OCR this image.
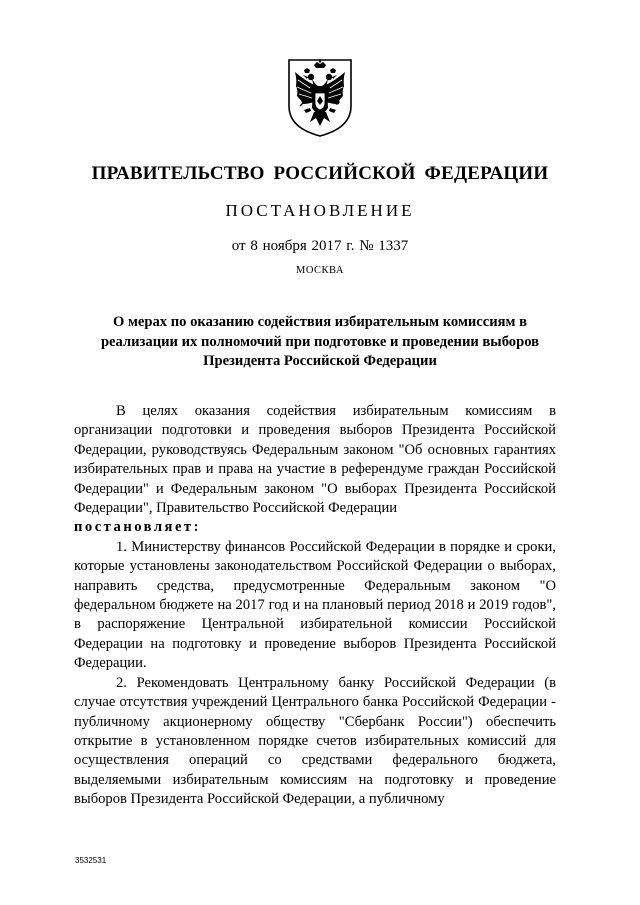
ПРАВИТЕЛЬСТВО РОССИЙСКОЙ ФЕДЕРАЦИИ
ПОСТАНОВЛЕНИЕ
от 8 ноября 2017 г. № 1337
МОСКВА
О мерах по оказанию содействия избирательным комиссиям в
реализации их полномочий при подготовке и проведении выборов
Президента Российской Федерации

В целях оказания содействия избирательным комиссиям в организации подготовки и проведения выборов Президента Российской Федерации, руководствуясь Федеральным законом "Об основных гарантиях избирательных прав и права на участие в референдуме граждан Российской Федерации" и Федеральным законом "О выборах Президента Российской Федерации", Правительство Российской Федерации

постановляет:

1. Министерству финансов Российской Федерации в порядке и сроки, которые установлены законодательством Российской Федерации о выборах, направить средства, предусмотренные Федеральным законом "О федеральном бюджете на 2017 год и на плановый период 2018 и 2019 годов", в распоряжение Центральной избирательной комиссии Российской Федерации на подготовку и проведение выборов Президента Российской Федерации.

2. Рекомендовать Центральному банку Российской Федерации (в случае отсутствия учреждений Центрального банка Российской Федерации - публичному акционерному обществу "Сбербанк России") обеспечить открытие в установленном порядке счетов избирательных комиссий для осуществления операций со средствами федерального бюджета, выделяемыми избирательным комиссиям на подготовку и проведение выборов Президента Российской Федерации, а публичному

3532531
